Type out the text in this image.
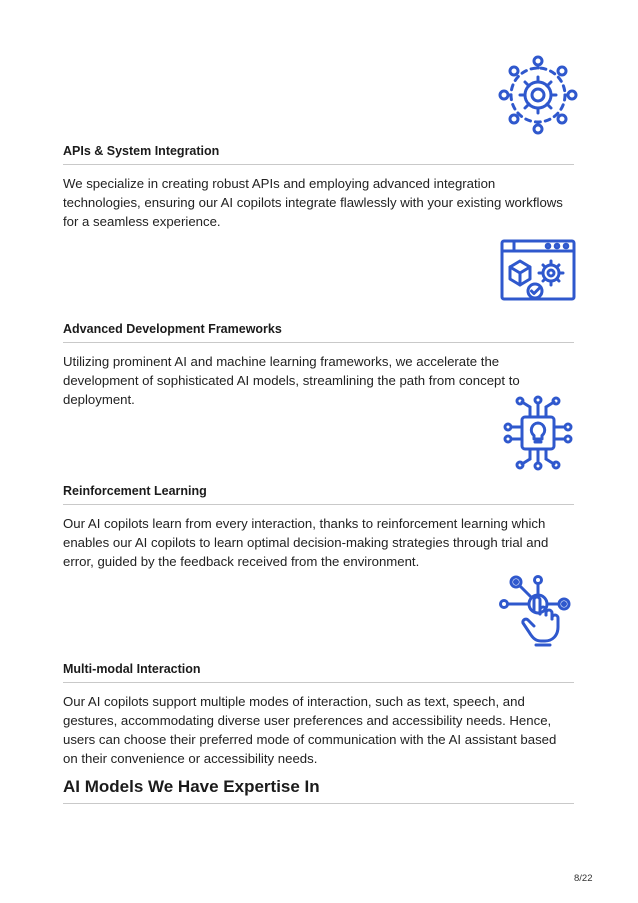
APIs & System Integration

We specialize in creating robust APIs and employing advanced integration technologies, ensuring our AI copilots integrate flawlessly with your existing workflows for a seamless experience.

Advanced Development Frameworks

Utilizing prominent AI and machine learning frameworks, we accelerate the development of sophisticated AI models, streamlining the path from concept to deployment.

Reinforcement Learning

Our AI copilots learn from every interaction, thanks to reinforcement learning which enables our AI copilots to learn optimal decision-making strategies through trial and error, guided by the feedback received from the environment.

Multi-modal Interaction

Our AI copilots support multiple modes of interaction, such as text, speech, and gestures, accommodating diverse user preferences and accessibility needs. Hence, users can choose their preferred mode of communication with the AI assistant based on their convenience or accessibility needs.

AI Models We Have Expertise In
8/22
